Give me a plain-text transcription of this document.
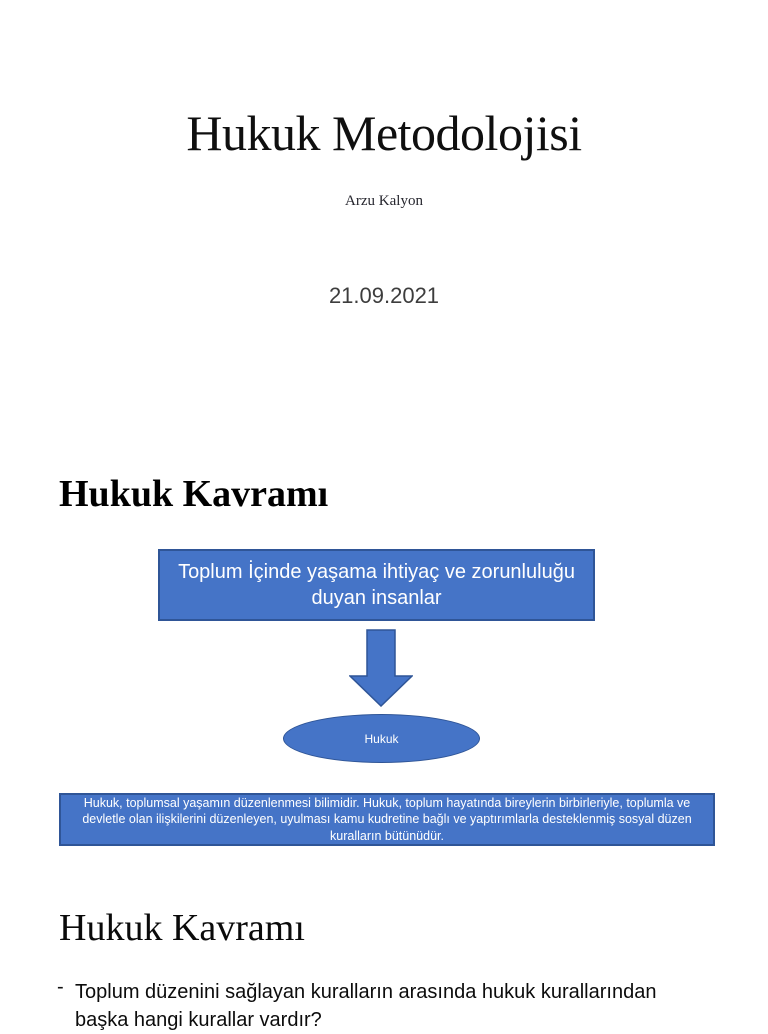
Hukuk Metodolojisi
Arzu Kalyon
21.09.2021
Hukuk Kavramı
Toplum İçinde yaşama ihtiyaç ve zorunluluğu duyan insanlar
Hukuk
Hukuk, toplumsal yaşamın düzenlenmesi bilimidir. Hukuk, toplum hayatında bireylerin birbirleriyle, toplumla ve devletle olan ilişkilerini düzenleyen, uyulması kamu kudretine bağlı ve yaptırımlarla desteklenmiş sosyal düzen kuralların bütünüdür.
Hukuk Kavramı
- Toplum düzenini sağlayan kuralların arasında hukuk kurallarından başka hangi kurallar vardır?
